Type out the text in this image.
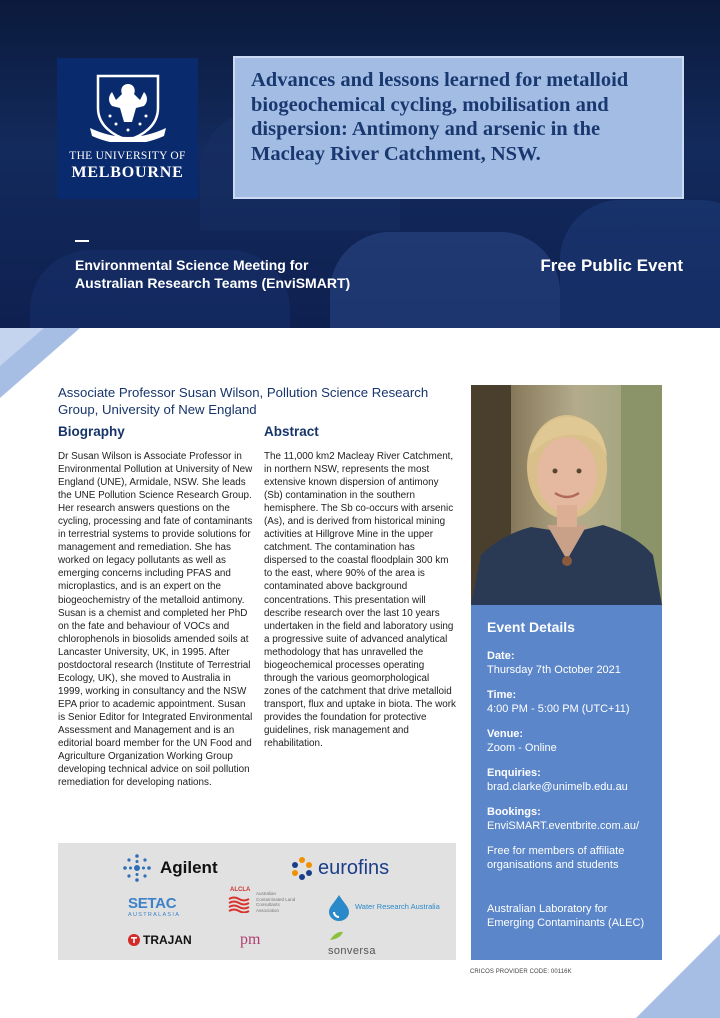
THE UNIVERSITY OF
MELBOURNE
Advances and lessons learned for metalloid biogeochemical cycling, mobilisation and dispersion: Antimony and arsenic in the Macleay River Catchment, NSW.
Environmental Science Meeting for
Australian Research Teams (EnviSMART)
Free Public Event
Associate Professor Susan Wilson, Pollution Science Research Group, University of New England
Biography	Abstract
Dr Susan Wilson is Associate Professor in Environmental Pollution at University of New England (UNE), Armidale, NSW. She leads the UNE Pollution Science Research Group. Her research answers questions on the cycling, processing and fate of contaminants in terrestrial systems to provide solutions for management and remediation. She has worked on legacy pollutants as well as emerging concerns including PFAS and microplastics, and is an expert on the biogeochemistry of the metalloid antimony. Susan is a chemist and completed her PhD on the fate and behaviour of VOCs and chlorophenols in biosolids amended soils at Lancaster University, UK, in 1995. After postdoctoral research (Institute of Terrestrial Ecology, UK), she moved to Australia in 1999, working in consultancy and the NSW EPA prior to academic appointment. Susan is Senior Editor for Integrated Environmental Assessment and Management and is an editorial board member for the UN Food and Agriculture Organization Working Group developing technical advice on soil pollution remediation for developing nations.
The 11,000 km2 Macleay River Catchment, in northern NSW, represents the most extensive known dispersion of antimony (Sb) contamination in the southern hemisphere. The Sb co-occurs with arsenic (As), and is derived from historical mining activities at Hillgrove Mine in the upper catchment. The contamination has dispersed to the coastal floodplain 300 km to the east, where 90% of the area is contaminated above background concentrations. This presentation will describe research over the last 10 years undertaken in the field and laboratory using a progressive suite of advanced analytical methodology that has unravelled the biogeochemical processes operating through the various geomorphological zones of the catchment that drive metalloid transport, flux and uptake in biota. The work provides the foundation for protective guidelines, risk management and rehabilitation.
Event Details
Date:
Thursday 7th October 2021
Time:
4:00 PM - 5:00 PM (UTC+11)
Venue:
Zoom - Online
Enquiries:
brad.clarke@unimelb.edu.au
Bookings:
EnviSMART.eventbrite.com.au/
Free for members of affiliate organisations and students
Australian Laboratory for Emerging Contaminants (ALEC)
CRICOS PROVIDER CODE: 00116K
Agilent	eurofins
SETAC
AUSTRALASIA
ALCLA
Australian Contaminated Land Consultants Association	Water Research Australia
TRAJAN	pm
sonversa
